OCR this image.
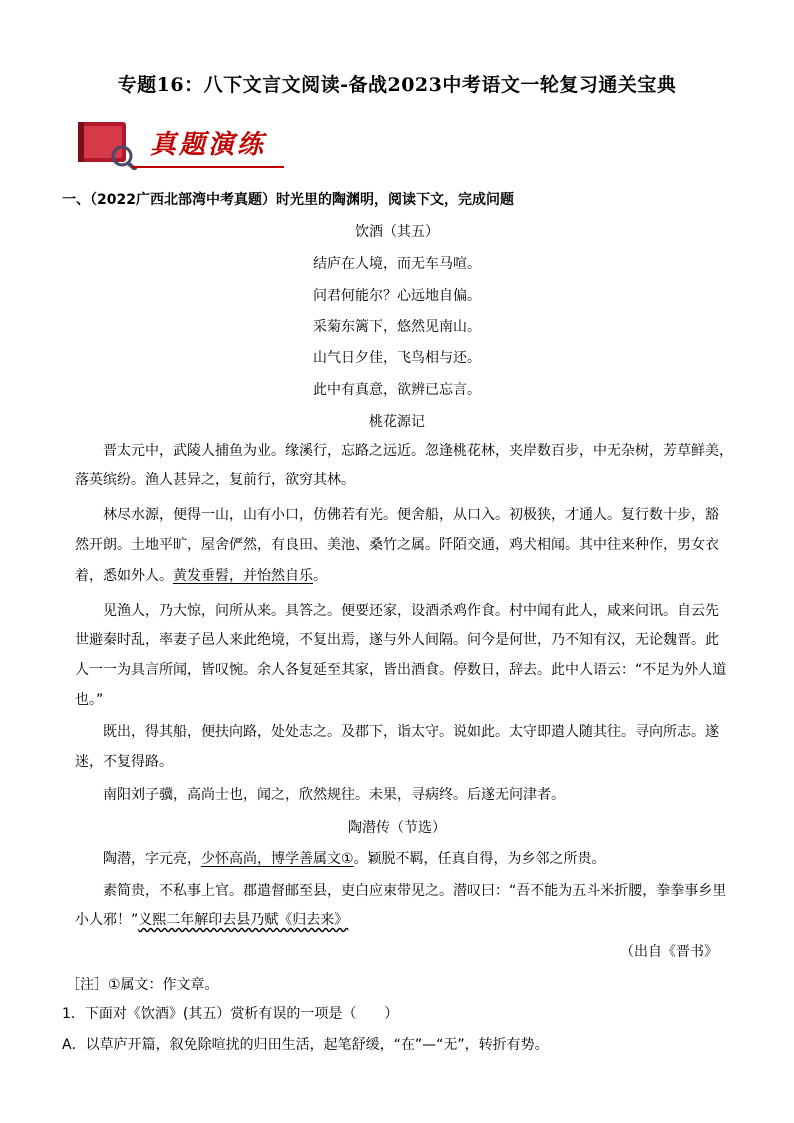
专题16：八下文言文阅读-备战2023中考语文一轮复习通关宝典
真题演练
一、（2022广西北部湾中考真题）时光里的陶渊明，阅读下文，完成问题
饮酒（其五）
结庐在人境，而无车马喧。
问君何能尔？心远地自偏。
采菊东篱下，悠然见南山。
山气日夕佳，飞鸟相与还。
此中有真意，欲辨已忘言。
桃花源记
晋太元中，武陵人捕鱼为业。缘溪行，忘路之远近。忽逢桃花林，夹岸数百步，中无杂树，芳草鲜美，
落英缤纷。渔人甚异之，复前行，欲穷其林。
林尽水源，便得一山，山有小口，仿佛若有光。便舍船，从口入。初极狭，才通人。复行数十步，豁
然开朗。土地平旷，屋舍俨然，有良田、美池、桑竹之属。阡陌交通，鸡犬相闻。其中往来种作，男女衣
着，悉如外人。黄发垂髫，并怡然自乐。
见渔人，乃大惊，问所从来。具答之。便要还家，设酒杀鸡作食。村中闻有此人，咸来问讯。自云先
世避秦时乱，率妻子邑人来此绝境，不复出焉，遂与外人间隔。问今是何世，乃不知有汉，无论魏晋。此
人一一为具言所闻，皆叹惋。余人各复延至其家，皆出酒食。停数日，辞去。此中人语云：“不足为外人道
也。”
既出，得其船，便扶向路，处处志之。及郡下，诣太守。说如此。太守即遣人随其往。寻向所志。遂
迷，不复得路。
南阳刘子骥，高尚士也，闻之，欣然规往。未果，寻病终。后遂无问津者。
陶潜传（节选）
陶潜，字元亮，少怀高尚，博学善属文①。颖脱不羁，任真自得，为乡邻之所贵。
素简贵，不私事上官。郡遣督邮至县，吏白应束带见之。潜叹曰：“吾不能为五斗米折腰，拳拳事乡里
小人邪！”义熙二年解印去县乃赋《归去来》
（出自《晋书》
［注］①属文：作文章。
1．下面对《饮酒》(其五）赏析有误的一项是（　　）
A．以草庐开篇，叙免除喧扰的归田生活，起笔舒缓，“在”—“无”，转折有势。
